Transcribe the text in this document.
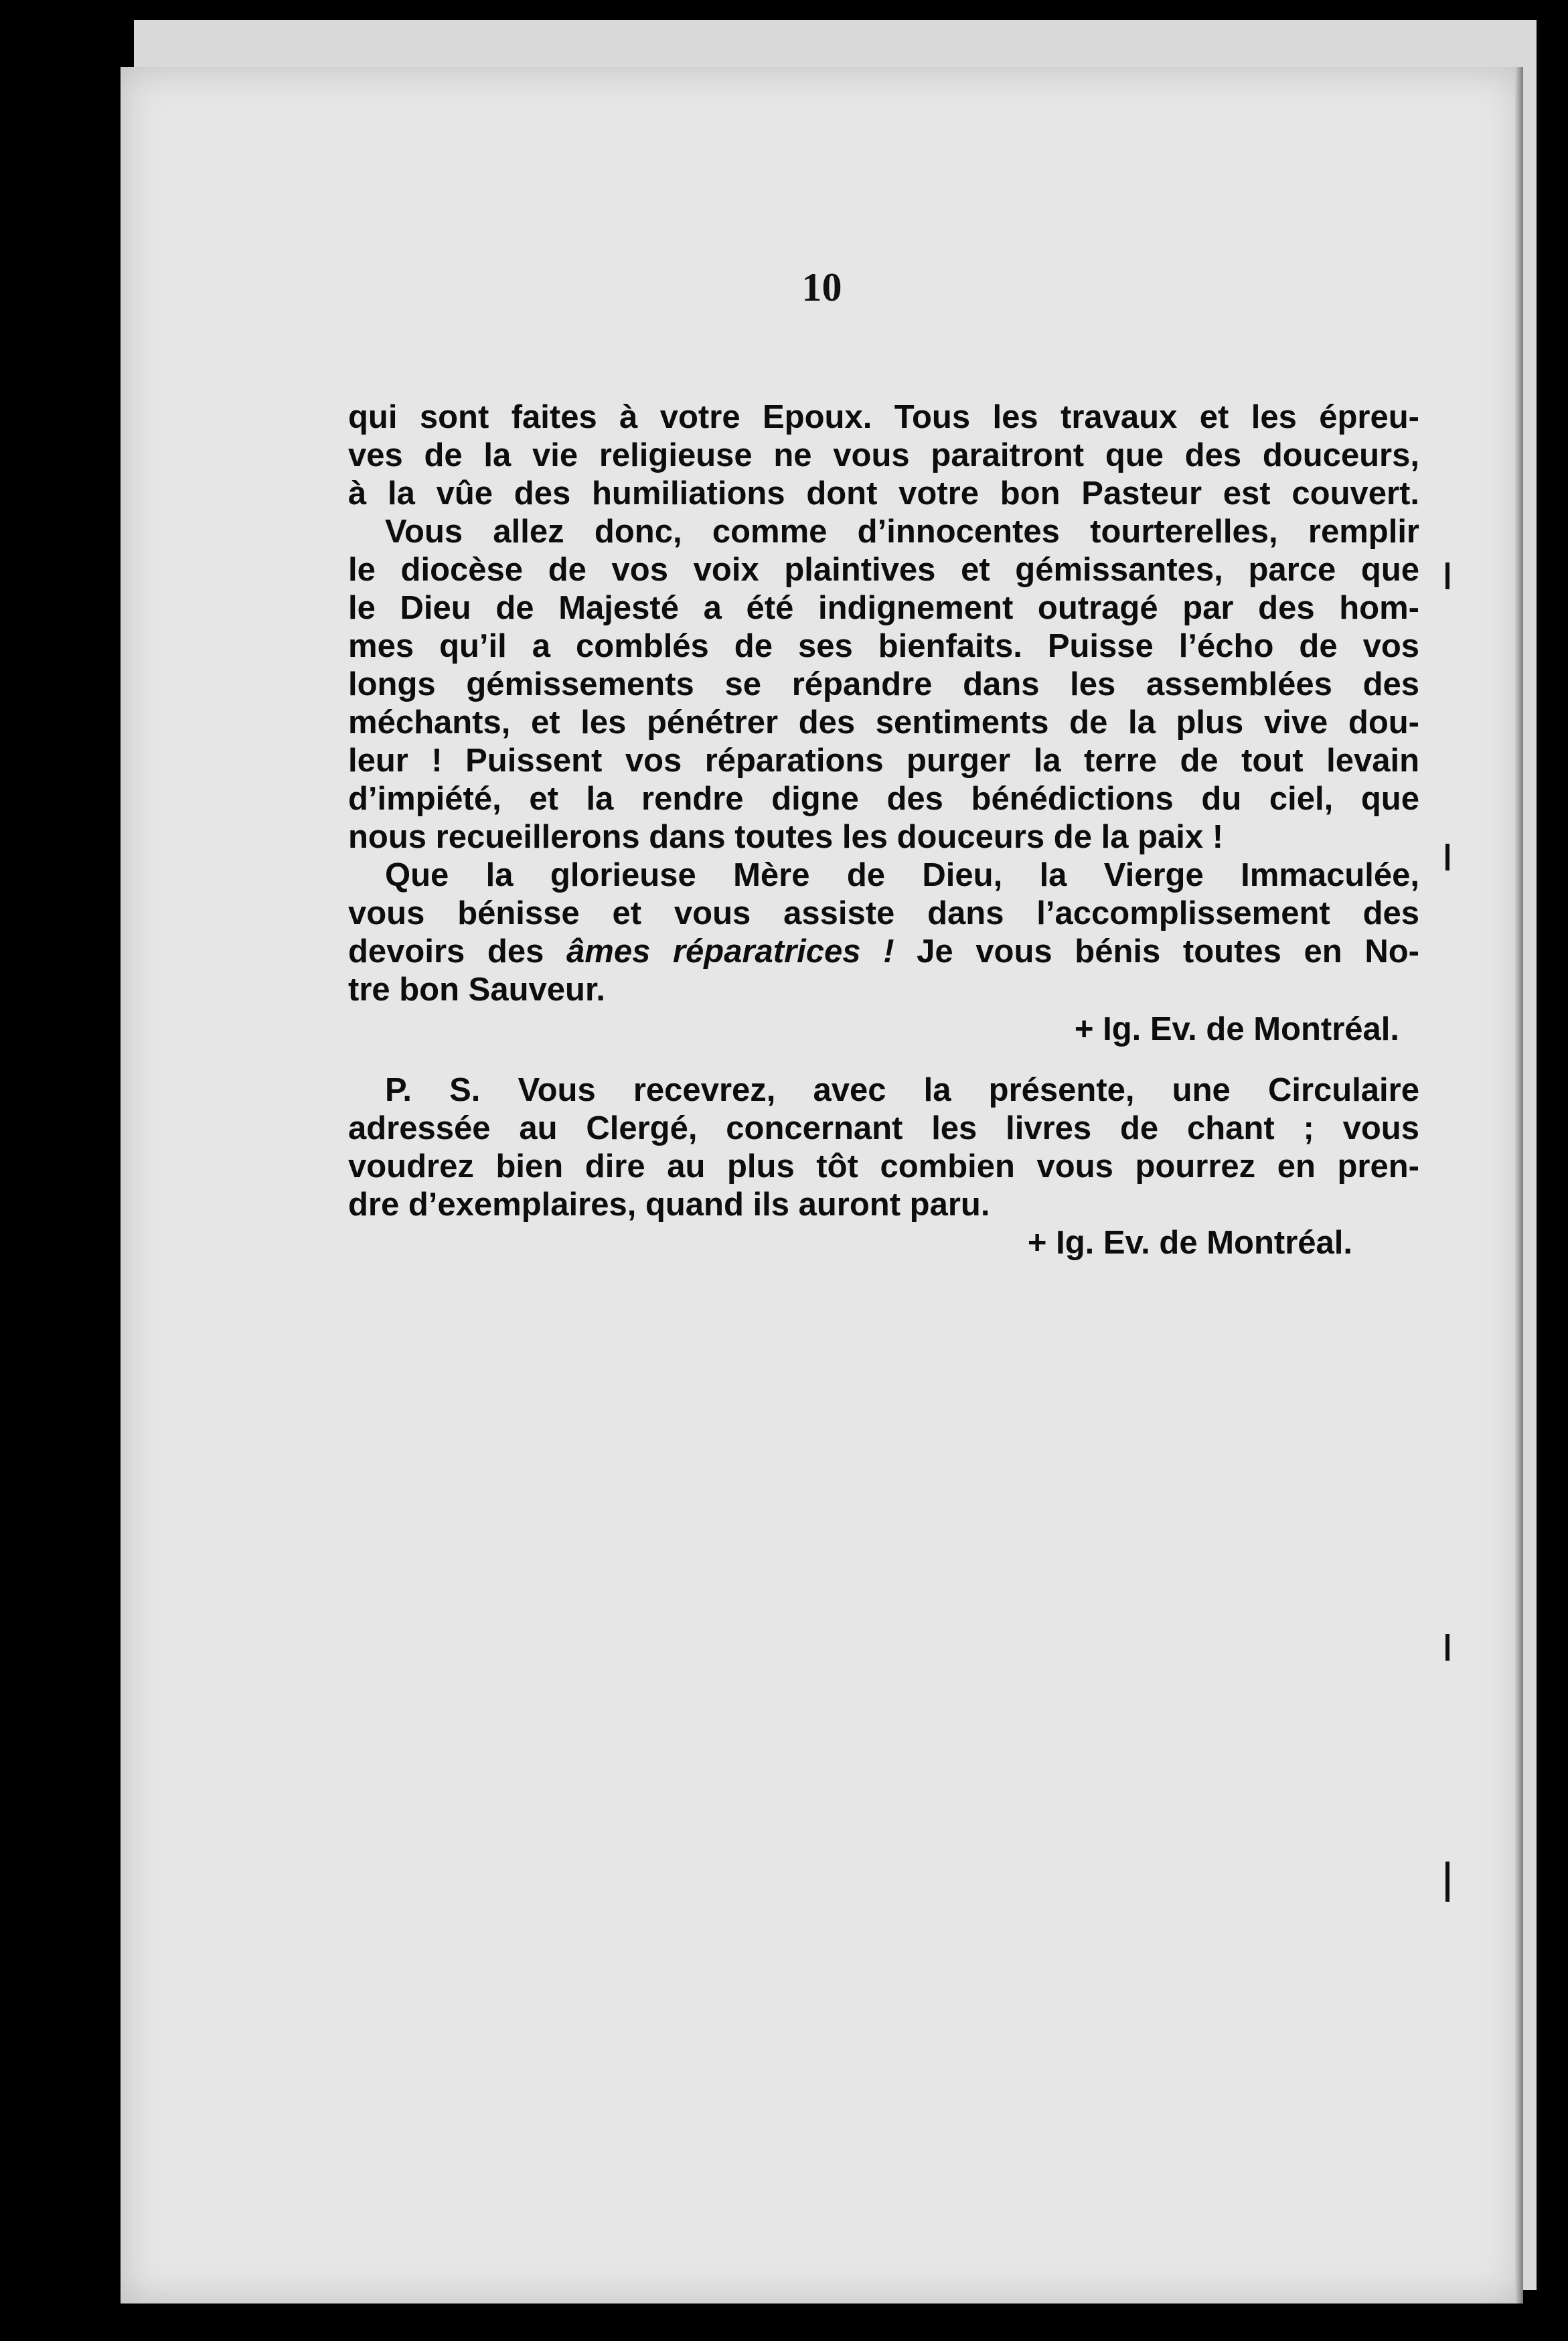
10
qui sont faites à votre Epoux. Tous les travaux et les épreu-
ves de la vie religieuse ne vous paraitront que des douceurs,
à la vûe des humiliations dont votre bon Pasteur est couvert.
Vous allez donc, comme d’innocentes tourterelles, remplir
le diocèse de vos voix plaintives et gémissantes, parce que
le Dieu de Majesté a été indignement outragé par des hom-
mes qu’il a comblés de ses bienfaits. Puisse l’écho de vos
longs gémissements se répandre dans les assemblées des
méchants, et les pénétrer des sentiments de la plus vive dou-
leur ! Puissent vos réparations purger la terre de tout levain
d’impiété, et la rendre digne des bénédictions du ciel, que
nous recueillerons dans toutes les douceurs de la paix !
Que la glorieuse Mère de Dieu, la Vierge Immaculée,
vous bénisse et vous assiste dans l’accomplissement des
devoirs des âmes réparatrices ! Je vous bénis toutes en No-
tre bon Sauveur.
+ Ig. Ev. de Montréal.
P. S. Vous recevrez, avec la présente, une Circulaire
adressée au Clergé, concernant les livres de chant ; vous
voudrez bien dire au plus tôt combien vous pourrez en pren-
dre d’exemplaires, quand ils auront paru.
+ Ig. Ev. de Montréal.
